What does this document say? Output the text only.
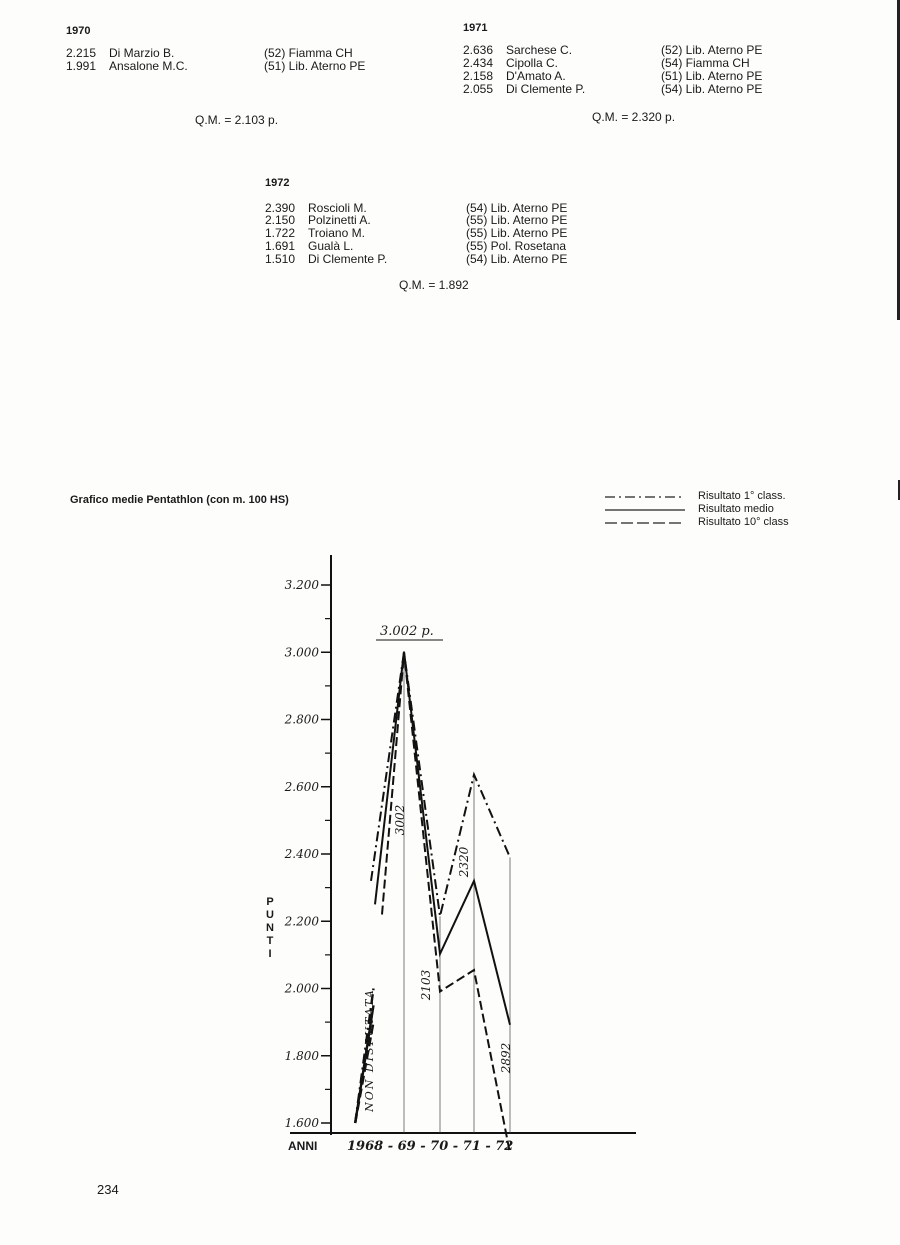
1970
2.215 Di Marzio B.	(52) Fiamma CH
1.991 Ansalone M.C.	(51) Lib. Aterno PE
Q.M. = 2.103 p.
1971
2.636 Sarchese C.	(52) Lib. Aterno PE
2.434 Cipolla C.	(54) Fiamma CH
2.158 D'Amato A.	(51) Lib. Aterno PE
2.055 Di Clemente P.	(54) Lib. Aterno PE
Q.M. = 2.320 p.
1972
2.390 Roscioli M.	(54) Lib. Aterno PE
2.150 Polzinetti A.	(55) Lib. Aterno PE
1.722 Troiano M.	(55) Lib. Aterno PE
1.691 Gualà L.	(55) Pol. Rosetana
1.510 Di Clemente P.	(54) Lib. Aterno PE
Q.M. = 1.892
Grafico medie Pentathlon (con m. 100 HS)	Risultato 1° class.
Risultato medio
Risultato 10° class
3.200
3.000
2.800
2.600
2.400
2.200
2.000
1.800
1.600
P
U
N
T
I
ANNI 1968 - 69 - 70 - 71 - 72
3.002 p.
3002
NON DISPUTATA
2103
2320
2892
234
